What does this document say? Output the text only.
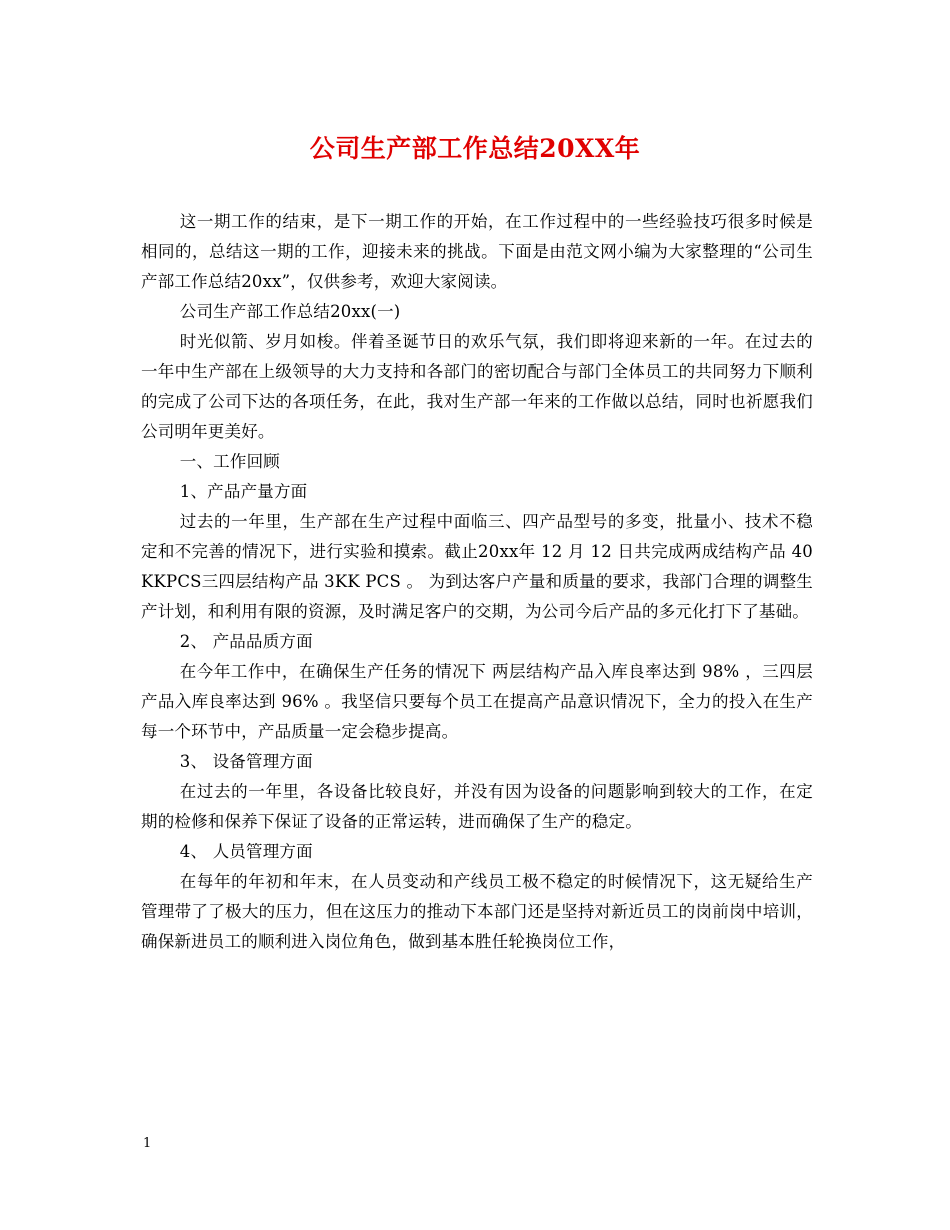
公司生产部工作总结20XX年

这一期工作的结束，是下一期工作的开始，在工作过程中的一些经验技巧很多时候是相同的，总结这一期的工作，迎接未来的挑战。下面是由范文网小编为大家整理的“公司生产部工作总结20xx”，仅供参考，欢迎大家阅读。

公司生产部工作总结20xx(一)

时光似箭、岁月如梭。伴着圣诞节日的欢乐气氛，我们即将迎来新的一年。在过去的一年中生产部在上级领导的大力支持和各部门的密切配合与部门全体员工的共同努力下顺利的完成了公司下达的各项任务，在此，我对生产部一年来的工作做以总结，同时也祈愿我们公司明年更美好。

一、工作回顾

1、产品产量方面

过去的一年里，生产部在生产过程中面临三、四产品型号的多变，批量小、技术不稳定和不完善的情况下，进行实验和摸索。截止20xx年 12 月 12 日共完成两成结构产品 40KKPCS三四层结构产品 3KK PCS 。 为到达客户产量和质量的要求，我部门合理的调整生产计划，和利用有限的资源，及时满足客户的交期，为公司今后产品的多元化打下了基础。

2、 产品品质方面

在今年工作中，在确保生产任务的情况下 两层结构产品入库良率达到 98% ，三四层产品入库良率达到 96% 。我坚信只要每个员工在提高产品意识情况下，全力的投入在生产每一个环节中，产品质量一定会稳步提高。

3、 设备管理方面

在过去的一年里，各设备比较良好，并没有因为设备的问题影响到较大的工作，在定期的检修和保养下保证了设备的正常运转，进而确保了生产的稳定。

4、 人员管理方面

在每年的年初和年末，在人员变动和产线员工极不稳定的时候情况下，这无疑给生产管理带了了极大的压力，但在这压力的推动下本部门还是坚持对新近员工的岗前岗中培训，确保新进员工的顺利进入岗位角色，做到基本胜任轮换岗位工作，

1
